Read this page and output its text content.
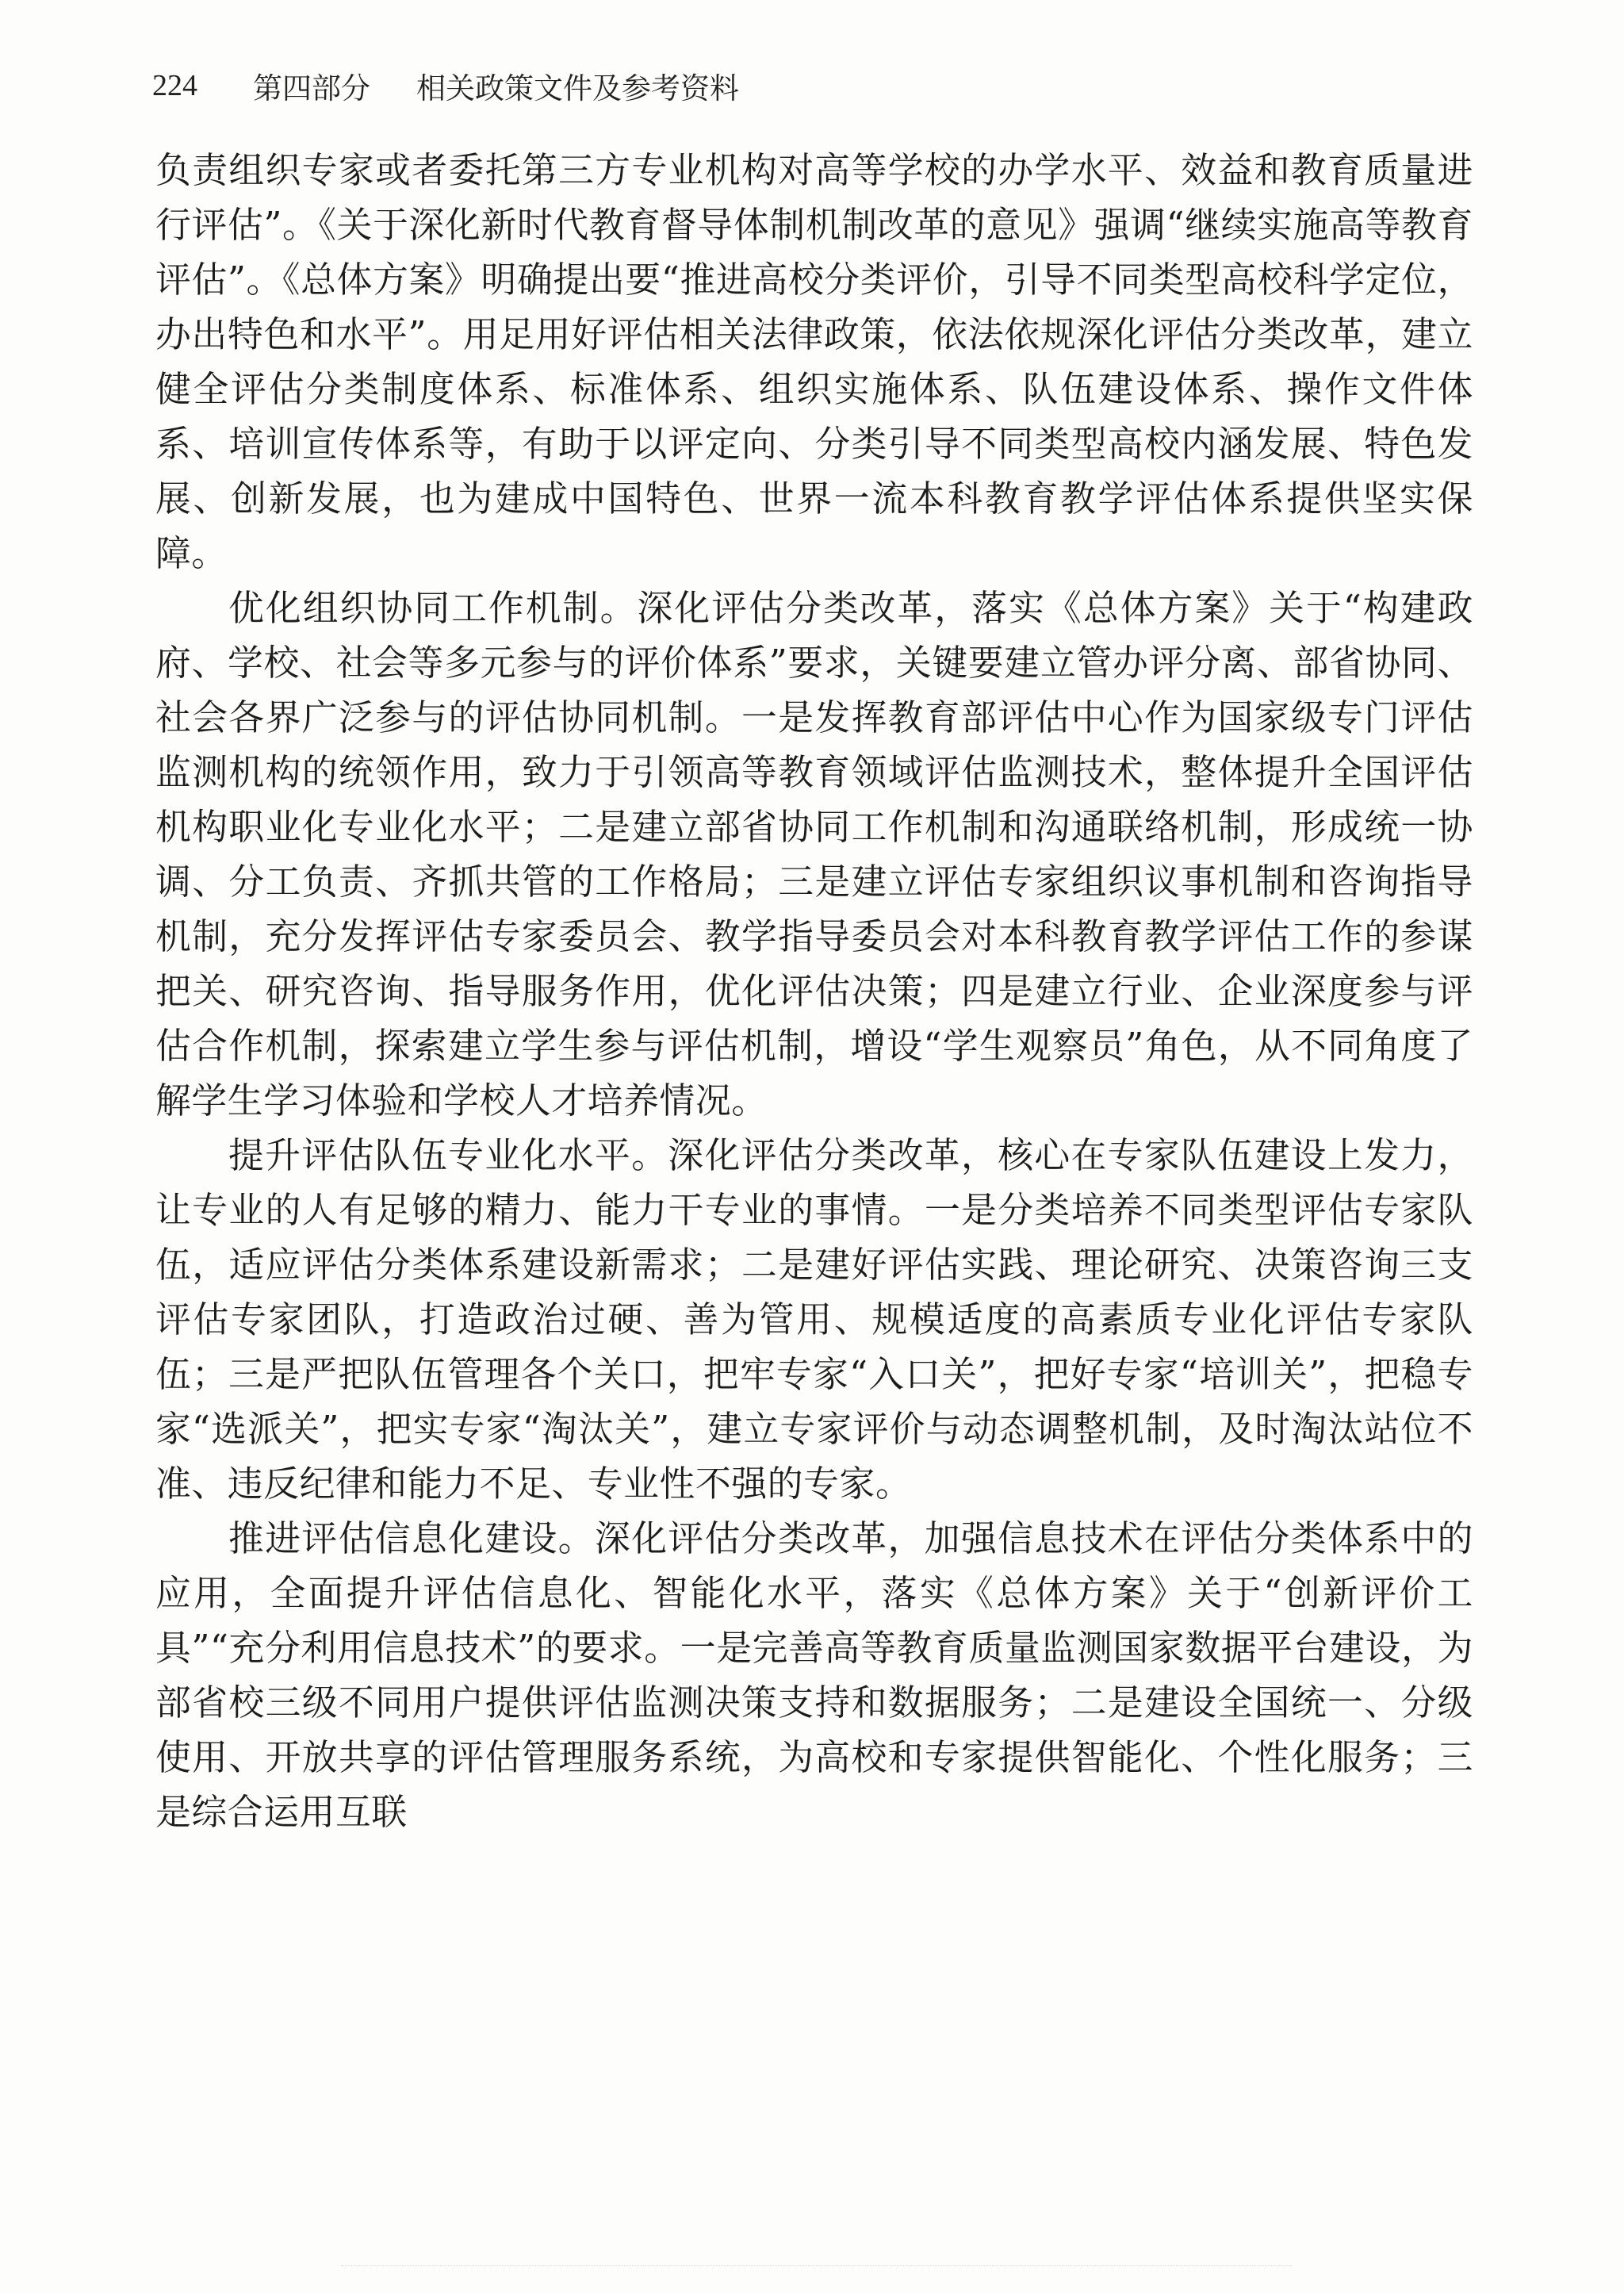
224 第四部分 相关政策文件及参考资料

负责组织专家或者委托第三方专业机构对高等学校的办学水平、效益和教育质量进行评估”。《关于深化新时代教育督导体制机制改革的意见》强调“继续实施高等教育评估”。《总体方案》明确提出要“推进高校分类评价，引导不同类型高校科学定位，办出特色和水平”。用足用好评估相关法律政策，依法依规深化评估分类改革，建立健全评估分类制度体系、标准体系、组织实施体系、队伍建设体系、操作文件体系、培训宣传体系等，有助于以评定向、分类引导不同类型高校内涵发展、特色发展、创新发展，也为建成中国特色、世界一流本科教育教学评估体系提供坚实保障。

优化组织协同工作机制。深化评估分类改革，落实《总体方案》关于“构建政府、学校、社会等多元参与的评价体系”要求，关键要建立管办评分离、部省协同、社会各界广泛参与的评估协同机制。一是发挥教育部评估中心作为国家级专门评估监测机构的统领作用，致力于引领高等教育领域评估监测技术，整体提升全国评估机构职业化专业化水平；二是建立部省协同工作机制和沟通联络机制，形成统一协调、分工负责、齐抓共管的工作格局；三是建立评估专家组织议事机制和咨询指导机制，充分发挥评估专家委员会、教学指导委员会对本科教育教学评估工作的参谋把关、研究咨询、指导服务作用，优化评估决策；四是建立行业、企业深度参与评估合作机制，探索建立学生参与评估机制，增设“学生观察员”角色，从不同角度了解学生学习体验和学校人才培养情况。

提升评估队伍专业化水平。深化评估分类改革，核心在专家队伍建设上发力，让专业的人有足够的精力、能力干专业的事情。一是分类培养不同类型评估专家队伍，适应评估分类体系建设新需求；二是建好评估实践、理论研究、决策咨询三支评估专家团队，打造政治过硬、善为管用、规模适度的高素质专业化评估专家队伍；三是严把队伍管理各个关口，把牢专家“入口关”，把好专家“培训关”，把稳专家“选派关”，把实专家“淘汰关”，建立专家评价与动态调整机制，及时淘汰站位不准、违反纪律和能力不足、专业性不强的专家。

推进评估信息化建设。深化评估分类改革，加强信息技术在评估分类体系中的应用，全面提升评估信息化、智能化水平，落实《总体方案》关于“创新评价工具”“充分利用信息技术”的要求。一是完善高等教育质量监测国家数据平台建设，为部省校三级不同用户提供评估监测决策支持和数据服务；二是建设全国统一、分级使用、开放共享的评估管理服务系统，为高校和专家提供智能化、个性化服务；三是综合运用互联
